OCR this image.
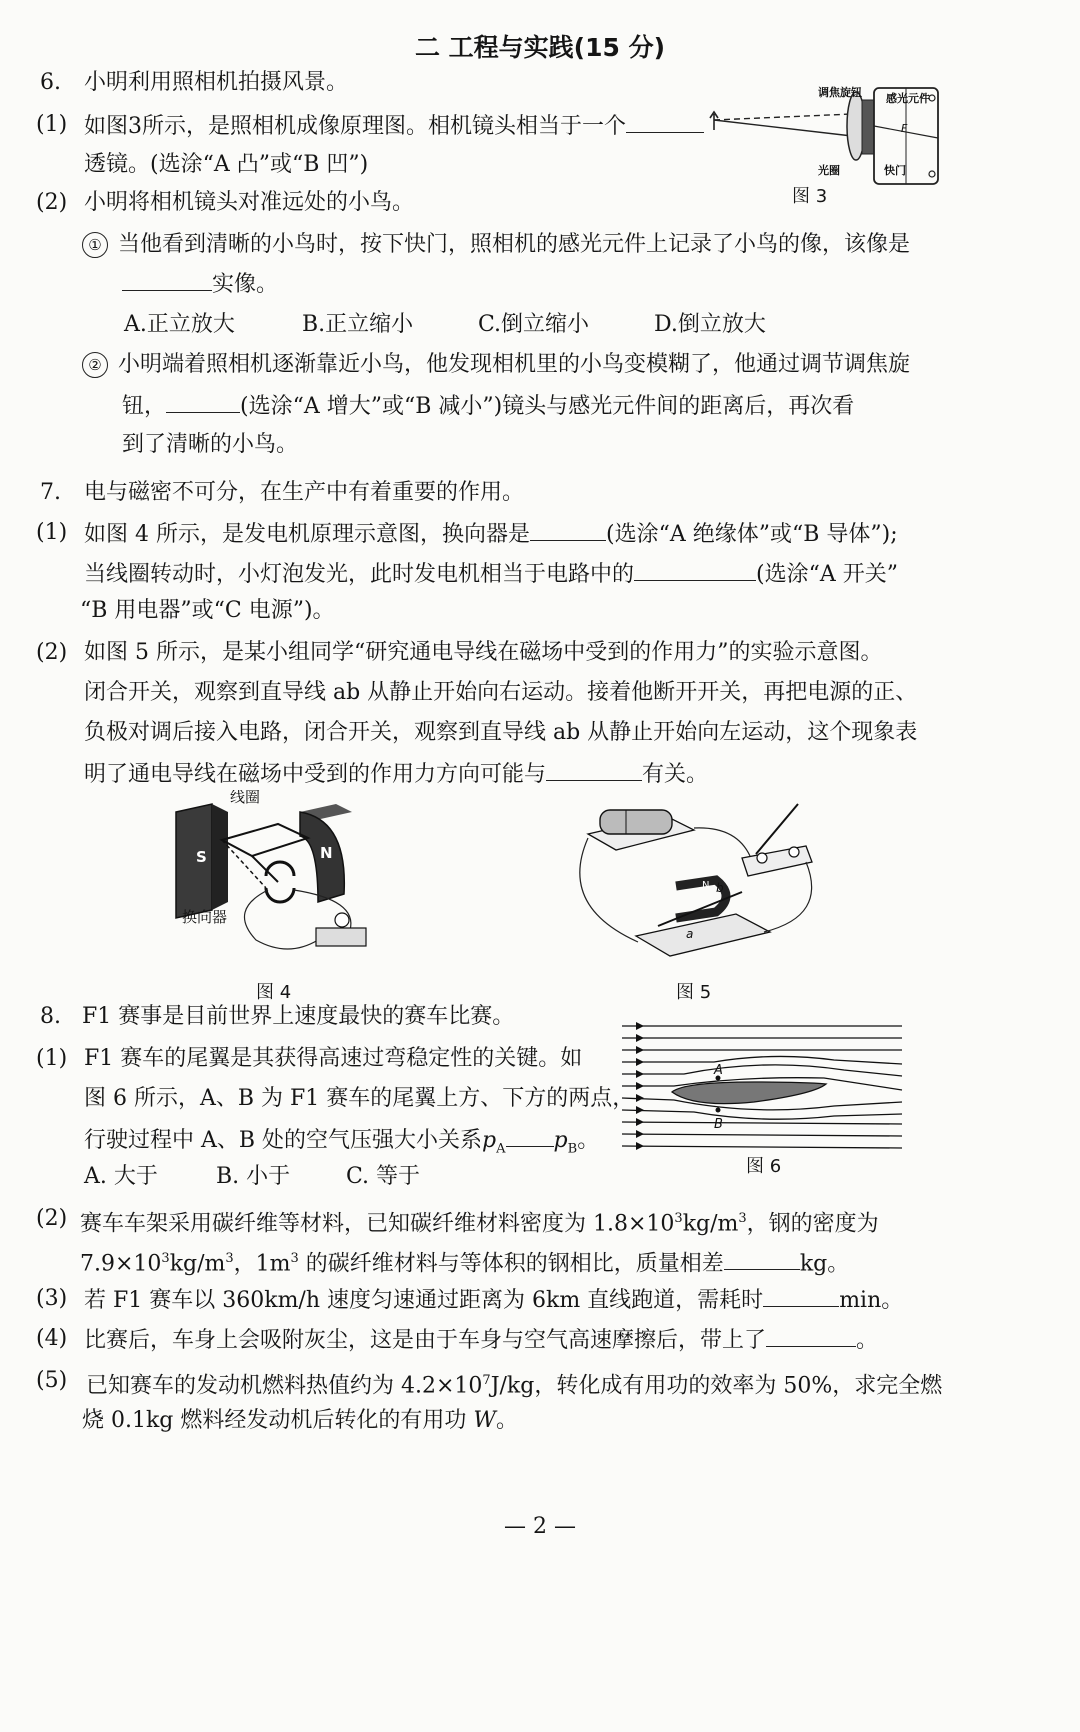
二 工程与实践(15 分)
6. 小明利用照相机拍摄风景。
(1) 如图3所示，是照相机成像原理图。相机镜头相当于一个
透镜。(选涂“A 凸”或“B 凹”)
(2) 小明将相机镜头对准远处的小鸟。
① 当他看到清晰的小鸟时，按下快门，照相机的感光元件上记录了小鸟的像，该像是
实像。
A.正立放大	B.正立缩小	C.倒立缩小	D.倒立放大
② 小明端着照相机逐渐靠近小鸟，他发现相机里的小鸟变模糊了，他通过调节调焦旋
钮，	(选涂“A 增大”或“B 减小”)镜头与感光元件间的距离后，再次看
到了清晰的小鸟。
调焦旋钮 感光元件
F
光圈	快门
图 3
7. 电与磁密不可分，在生产中有着重要的作用。
(1) 如图 4 所示，是发电机原理示意图，换向器是	(选涂“A 绝缘体”或“B 导体”);
当线圈转动时，小灯泡发光，此时发电机相当于电路中的	(选涂“A 开关”
“B 用电器”或“C 电源”)。
(2) 如图 5 所示，是某小组同学“研究通电导线在磁场中受到的作用力”的实验示意图。
闭合开关，观察到直导线 ab 从静止开始向右运动。接着他断开开关，再把电源的正、
负极对调后接入电路，闭合开关，观察到直导线 ab 从静止开始向左运动，这个现象表
明了通电导线在磁场中受到的作用力方向可能与	有关。
S	N
线圈
换向器
图 4
b
a
N
图 5
8. F1 赛事是目前世界上速度最快的赛车比赛。
(1) F1 赛车的尾翼是其获得高速过弯稳定性的关键。如
图 6 所示，A、B 为 F1 赛车的尾翼上方、下方的两点，
行驶过程中 A、B 处的空气压强大小关系$p_A$ $p_B$。
A. 大于	B. 小于	C. 等于
A
B
图 6
(2) 赛车车架采用碳纤维等材料，已知碳纤维材料密度为 $1.8\times 10^3kg/m^3$，钢的密度为
$7.9\times 10^3kg/m^3$，$1m^3$ 的碳纤维材料与等体积的钢相比，质量相差	kg。
(3) 若 F1 赛车以 360km/h 速度匀速通过距离为 6km 直线跑道，需耗时	min。
(4) 比赛后，车身上会吸附灰尘，这是由于车身与空气高速摩擦后，带上了	。
(5) 已知赛车的发动机燃料热值约为 $4.2\times 10^7J/kg$，转化成有用功的效率为 50%，求完全燃
烧 0.1kg 燃料经发动机后转化的有用功 W。
— 2 —
